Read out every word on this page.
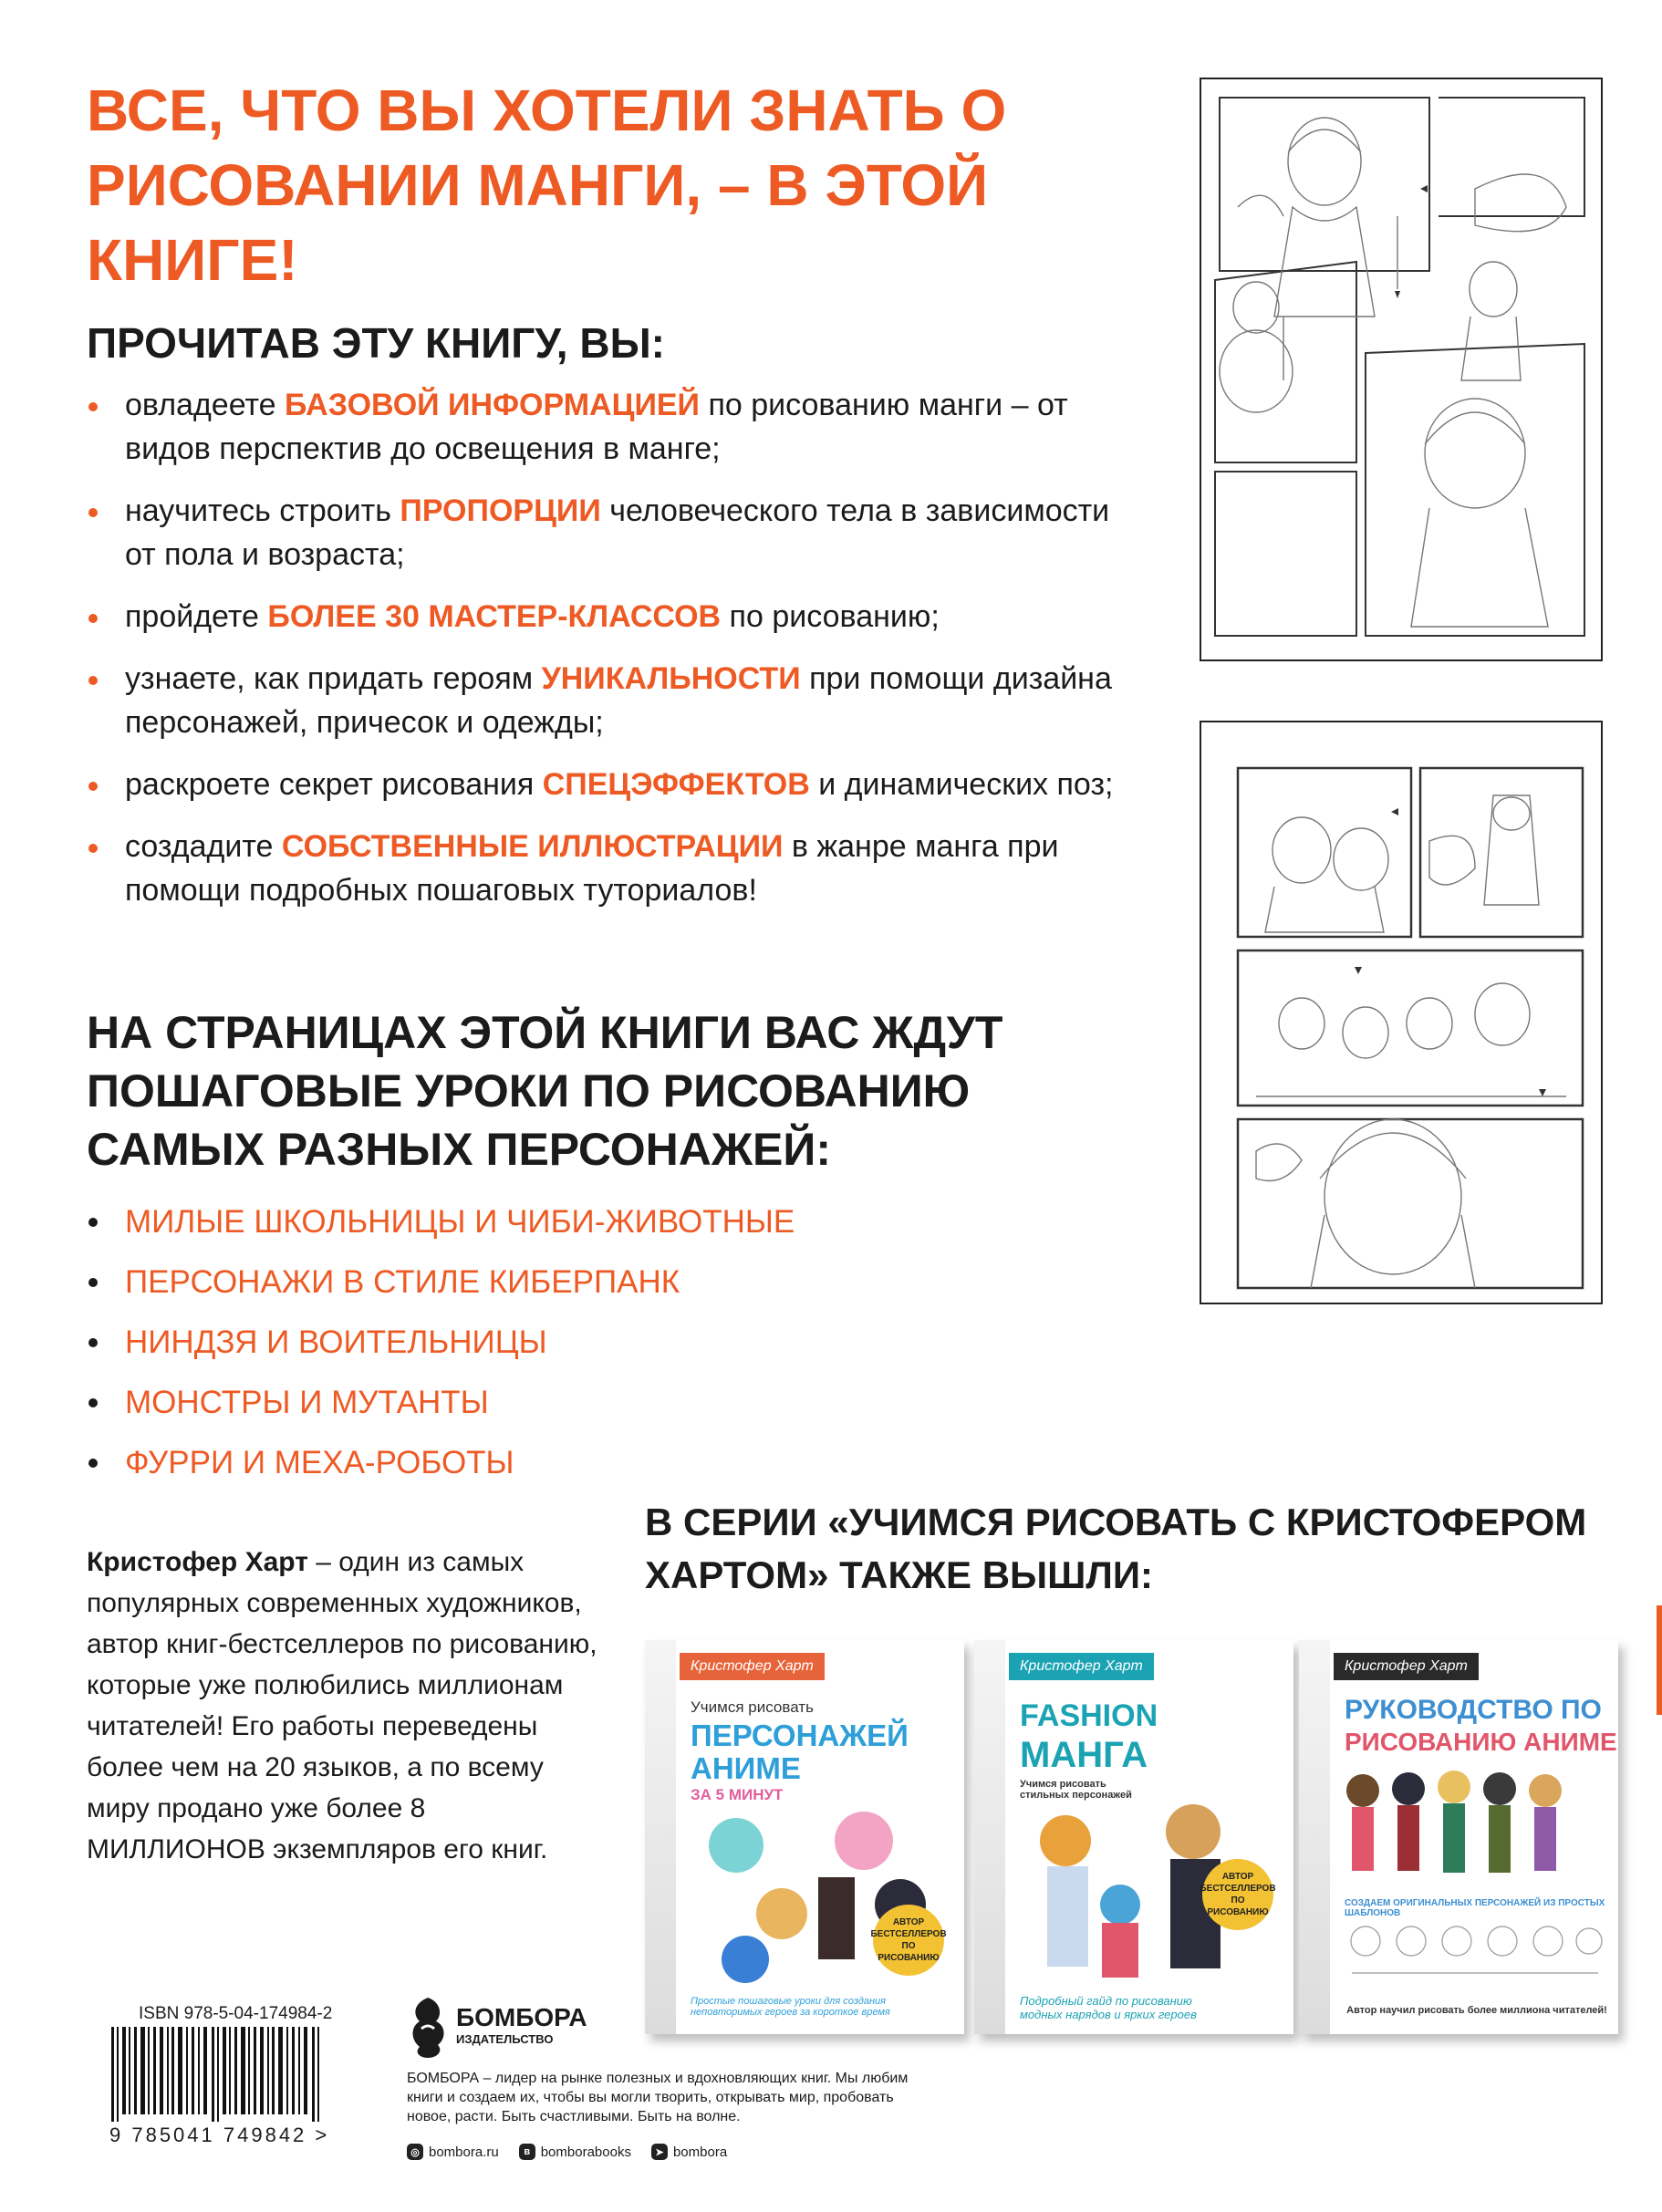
ВСЕ, ЧТО ВЫ ХОТЕЛИ ЗНАТЬ О РИСОВАНИИ МАНГИ, – В ЭТОЙ КНИГЕ!
ПРОЧИТАВ ЭТУ КНИГУ, ВЫ:
овладеете БАЗОВОЙ ИНФОРМАЦИЕЙ по рисованию манги – от видов перспектив до освещения в манге;
научитесь строить ПРОПОРЦИИ человеческого тела в зависимости от пола и возраста;
пройдете БОЛЕЕ 30 МАСТЕР-КЛАССОВ по рисованию;
узнаете, как придать героям УНИКАЛЬНОСТИ при помощи дизайна персонажей, причесок и одежды;
раскроете секрет рисования СПЕЦЭФФЕКТОВ и динамических поз;
создадите СОБСТВЕННЫЕ ИЛЛЮСТРАЦИИ в жанре манга при помощи подробных пошаговых туториалов!
НА СТРАНИЦАХ ЭТОЙ КНИГИ ВАС ЖДУТ ПОШАГОВЫЕ УРОКИ ПО РИСОВАНИЮ САМЫХ РАЗНЫХ ПЕРСОНАЖЕЙ:
МИЛЫЕ ШКОЛЬНИЦЫ И ЧИБИ-ЖИВОТНЫЕ
ПЕРСОНАЖИ В СТИЛЕ КИБЕРПАНК
НИНДЗЯ И ВОИТЕЛЬНИЦЫ
МОНСТРЫ И МУТАНТЫ
ФУРРИ И МЕХА-РОБОТЫ

Кристофер Харт – один из самых популярных современных художников, автор книг-бестселлеров по рисованию, которые уже полюбились миллионам читателей! Его работы переведены более чем на 20 языков, а по всему миру продано уже более 8 МИЛЛИОНОВ экземпляров его книг.

В СЕРИИ «УЧИМСЯ РИСОВАТЬ С КРИСТОФЕРОМ ХАРТОМ» ТАКЖЕ ВЫШЛИ:
Кристофер Харт
Учимся рисовать
ПЕРСОНАЖЕЙ
АНИМЕ
ЗА 5 МИНУТ
АВТОР БЕСТСЕЛЛЕРОВ ПО РИСОВАНИЮ
Простые пошаговые уроки для создания неповторимых героев за короткое время
Кристофер Харт
FASHION
МАНГА
Учимся рисовать стильных персонажей
АВТОР БЕСТСЕЛЛЕРОВ ПО РИСОВАНИЮ
Подробный гайд по рисованию модных нарядов и ярких героев
Кристофер Харт
РУКОВОДСТВО ПО
РИСОВАНИЮ АНИМЕ
СОЗДАЕМ ОРИГИНАЛЬНЫХ ПЕРСОНАЖЕЙ ИЗ ПРОСТЫХ ШАБЛОНОВ
Автор научил рисовать более миллиона читателей!
ISBN 978-5-04-174984-2
9 785041 749842 >
БОМБОРА
ИЗДАТЕЛЬСТВО
БОМБОРА – лидер на рынке полезных и вдохновляющих книг. Мы любим книги и создаем их, чтобы вы могли творить, открывать мир, пробовать новое, расти. Быть счастливыми. Быть на волне.
◎ bombora.ru	в bomborabooks	➤ bombora
